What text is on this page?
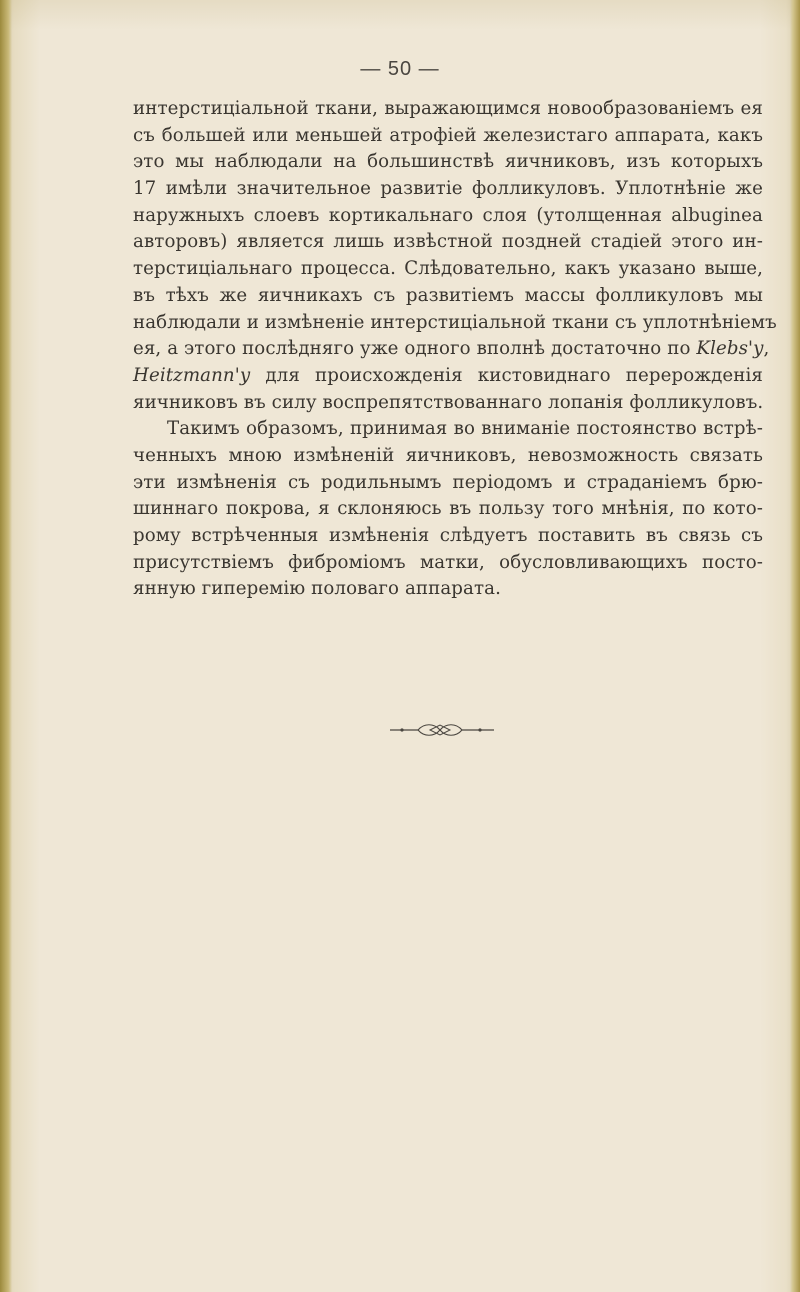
— 50 —
интерстиціальной ткани, выражающимся новообразованіемъ ея
съ большей или меньшей атрофіей железистаго аппарата, какъ
это мы наблюдали на большинствѣ яичниковъ, изъ которыхъ
17 имѣли значительное развитіе фолликуловъ. Уплотнѣніе же
наружныхъ слоевъ кортикальнаго слоя (утолщенная albuginea
авторовъ) является лишь извѣстной поздней стадіей этого ин-
терстиціальнаго процесса. Слѣдовательно, какъ указано выше,
въ тѣхъ же яичникахъ съ развитіемъ массы фолликуловъ мы
наблюдали и измѣненіе интерстиціальной ткани съ уплотнѣніемъ
ея, а этого послѣдняго уже одного вполнѣ достаточно по Klebs'y,
Heitzmann'y для происхожденія кистовиднаго перерожденія
яичниковъ въ силу воспрепятствованнаго лопанія фолликуловъ.
Такимъ образомъ, принимая во вниманіе постоянство встрѣ-
ченныхъ мною измѣненій яичниковъ, невозможность связать
эти измѣненія съ родильнымъ періодомъ и страданіемъ брю-
шиннаго покрова, я склоняюсь въ пользу того мнѣнія, по кото-
рому встрѣченныя измѣненія слѣдуетъ поставить въ связь съ
присутствіемъ фиброміомъ матки, обусловливающихъ посто-
янную гиперемію половаго аппарата.
